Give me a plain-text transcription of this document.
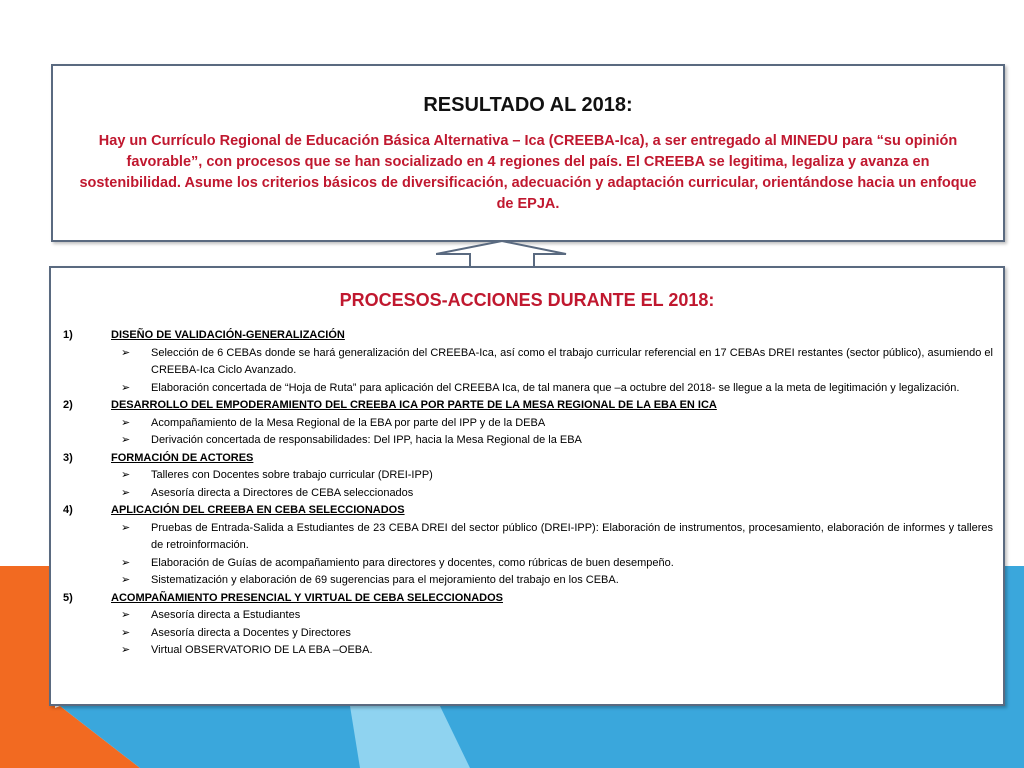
RESULTADO AL 2018:

Hay un Currículo Regional de Educación Básica Alternativa – Ica (CREEBA-Ica), a ser entregado al MINEDU para “su opinión favorable”, con procesos que se han socializado en 4 regiones del país. El CREEBA se legitima, legaliza y avanza en sostenibilidad. Asume los criterios básicos de diversificación, adecuación y adaptación curricular, orientándose hacia un enfoque de EPJA.

PROCESOS-ACCIONES DURANTE EL 2018:

1)	DISEÑO DE VALIDACIÓN-GENERALIZACIÓN
➢	Selección de 6 CEBAs donde se hará generalización del CREEBA-Ica, así como el trabajo curricular referencial en 17 CEBAs DREI restantes (sector público), asumiendo el CREEBA-Ica Ciclo Avanzado.
➢	Elaboración concertada de “Hoja de Ruta” para aplicación del CREEBA Ica, de tal manera que –a octubre del 2018- se llegue a la meta de legitimación y legalización.
2)	DESARROLLO DEL EMPODERAMIENTO DEL CREEBA ICA POR PARTE DE LA MESA REGIONAL DE LA EBA EN ICA
➢	Acompañamiento de la Mesa Regional de la EBA por parte del IPP y de la DEBA
➢	Derivación concertada de responsabilidades: Del IPP, hacia la Mesa Regional de la EBA
3)	FORMACIÓN DE ACTORES
➢	Talleres con Docentes sobre trabajo curricular (DREI-IPP)
➢	Asesoría directa a Directores de CEBA seleccionados
4)	APLICACIÓN DEL CREEBA EN CEBA SELECCIONADOS
➢	Pruebas de Entrada-Salida a Estudiantes de 23 CEBA DREI del sector público (DREI-IPP): Elaboración de instrumentos, procesamiento, elaboración de informes y talleres de retroinformación.
➢	Elaboración de Guías de acompañamiento para directores y docentes, como rúbricas de buen desempeño.
➢	Sistematización y elaboración de 69 sugerencias para el mejoramiento del trabajo en los CEBA.
5)	ACOMPAÑAMIENTO PRESENCIAL Y VIRTUAL DE CEBA SELECCIONADOS
➢	Asesoría directa a Estudiantes
➢	Asesoría directa a Docentes y Directores
➢	Virtual OBSERVATORIO DE LA EBA –OEBA.
